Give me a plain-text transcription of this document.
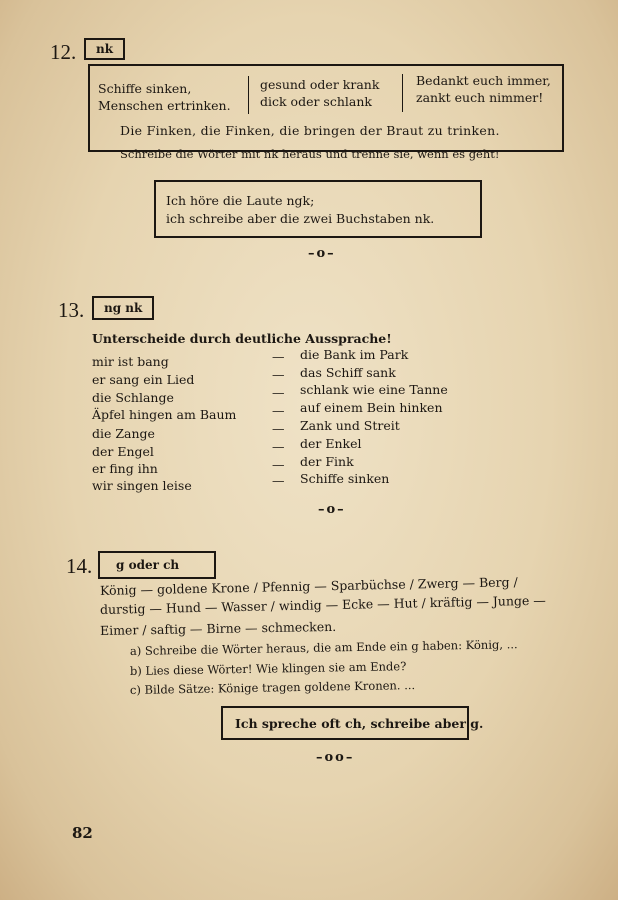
12.	nk
Schiffe sinken,
Menschen ertrinken.
gesund oder krank
dick oder schlank
Bedankt euch immer,
zankt euch nimmer!
Die Finken, die Finken, die bringen der Braut zu trinken.
Schreibe die Wörter mit nk heraus und trenne sie, wenn es geht!
Ich höre die Laute ngk;
ich schreibe aber die zwei Buchstaben nk.
–o–
13.	ng nk
Unterscheide durch deutliche Aussprache!
mir ist bang	— die Bank im Park
er sang ein Lied	— das Schiff sank
die Schlange	— schlank wie eine Tanne
Äpfel hingen am Baum	— auf einem Bein hinken
die Zange	— Zank und Streit
der Engel	— der Enkel
er fing ihn	— der Fink
wir singen leise	— Schiffe sinken
–o–
14.	g oder ch
König — goldene Krone / Pfennig — Sparbüchse / Zwerg — Berg /
durstig — Hund — Wasser / windig — Ecke — Hut / kräftig — Junge —
Eimer / saftig — Birne — schmecken.
a) Schreibe die Wörter heraus, die am Ende ein g haben: König, ...
b) Lies diese Wörter! Wie klingen sie am Ende?
c) Bilde Sätze: Könige tragen goldene Kronen. ...
Ich spreche oft ch, schreibe aber g.
–oo–
82
